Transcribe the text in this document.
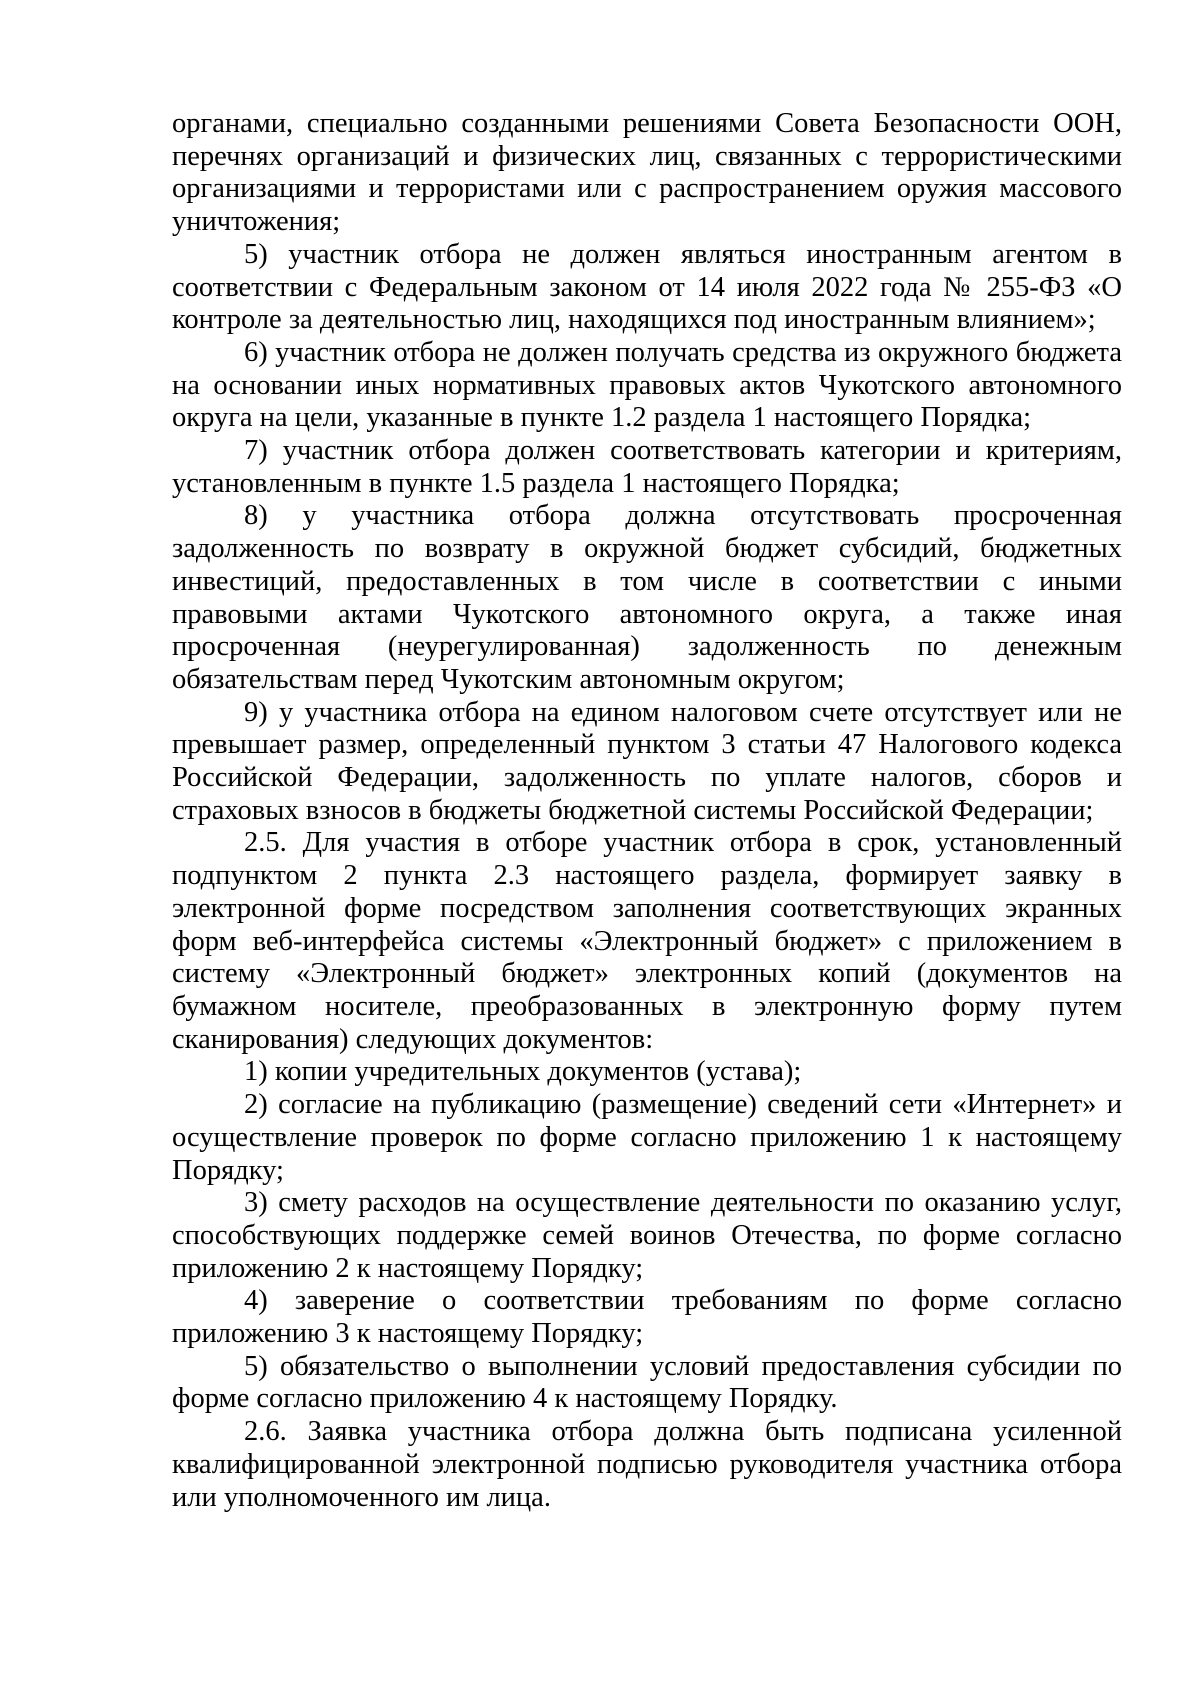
органами, специально созданными решениями Совета Безопасности ООН, перечнях организаций и физических лиц, связанных с террористическими организациями и террористами или с распространением оружия массового уничтожения;

5) участник отбора не должен являться иностранным агентом в соответствии с Федеральным законом от 14 июля 2022 года № 255-ФЗ «О контроле за деятельностью лиц, находящихся под иностранным влиянием»;

6) участник отбора не должен получать средства из окружного бюджета на основании иных нормативных правовых актов Чукотского автономного округа на цели, указанные в пункте 1.2 раздела 1 настоящего Порядка;

7) участник отбора должен соответствовать категории и критериям, установленным в пункте 1.5 раздела 1 настоящего Порядка;

8) у участника отбора должна отсутствовать просроченная задолженность по возврату в окружной бюджет субсидий, бюджетных инвестиций, предоставленных в том числе в соответствии с иными правовыми актами Чукотского автономного округа, а также иная просроченная (неурегулированная) задолженность по денежным обязательствам перед Чукотским автономным округом;

9) у участника отбора на едином налоговом счете отсутствует или не превышает размер, определенный пунктом 3 статьи 47 Налогового кодекса Российской Федерации, задолженность по уплате налогов, сборов и страховых взносов в бюджеты бюджетной системы Российской Федерации;

2.5. Для участия в отборе участник отбора в срок, установленный подпунктом 2 пункта 2.3 настоящего раздела, формирует заявку в электронной форме посредством заполнения соответствующих экранных форм веб-интерфейса системы «Электронный бюджет» с приложением в систему «Электронный бюджет» электронных копий (документов на бумажном носителе, преобразованных в электронную форму путем сканирования) следующих документов:

1) копии учредительных документов (устава);

2) согласие на публикацию (размещение) сведений сети «Интернет» и осуществление проверок по форме согласно приложению 1 к настоящему Порядку;

3) смету расходов на осуществление деятельности по оказанию услуг, способствующих поддержке семей воинов Отечества, по форме согласно приложению 2 к настоящему Порядку;

4) заверение о соответствии требованиям по форме согласно приложению 3 к настоящему Порядку;

5) обязательство о выполнении условий предоставления субсидии по форме согласно приложению 4 к настоящему Порядку.

2.6. Заявка участника отбора должна быть подписана усиленной квалифицированной электронной подписью руководителя участника отбора или уполномоченного им лица.
